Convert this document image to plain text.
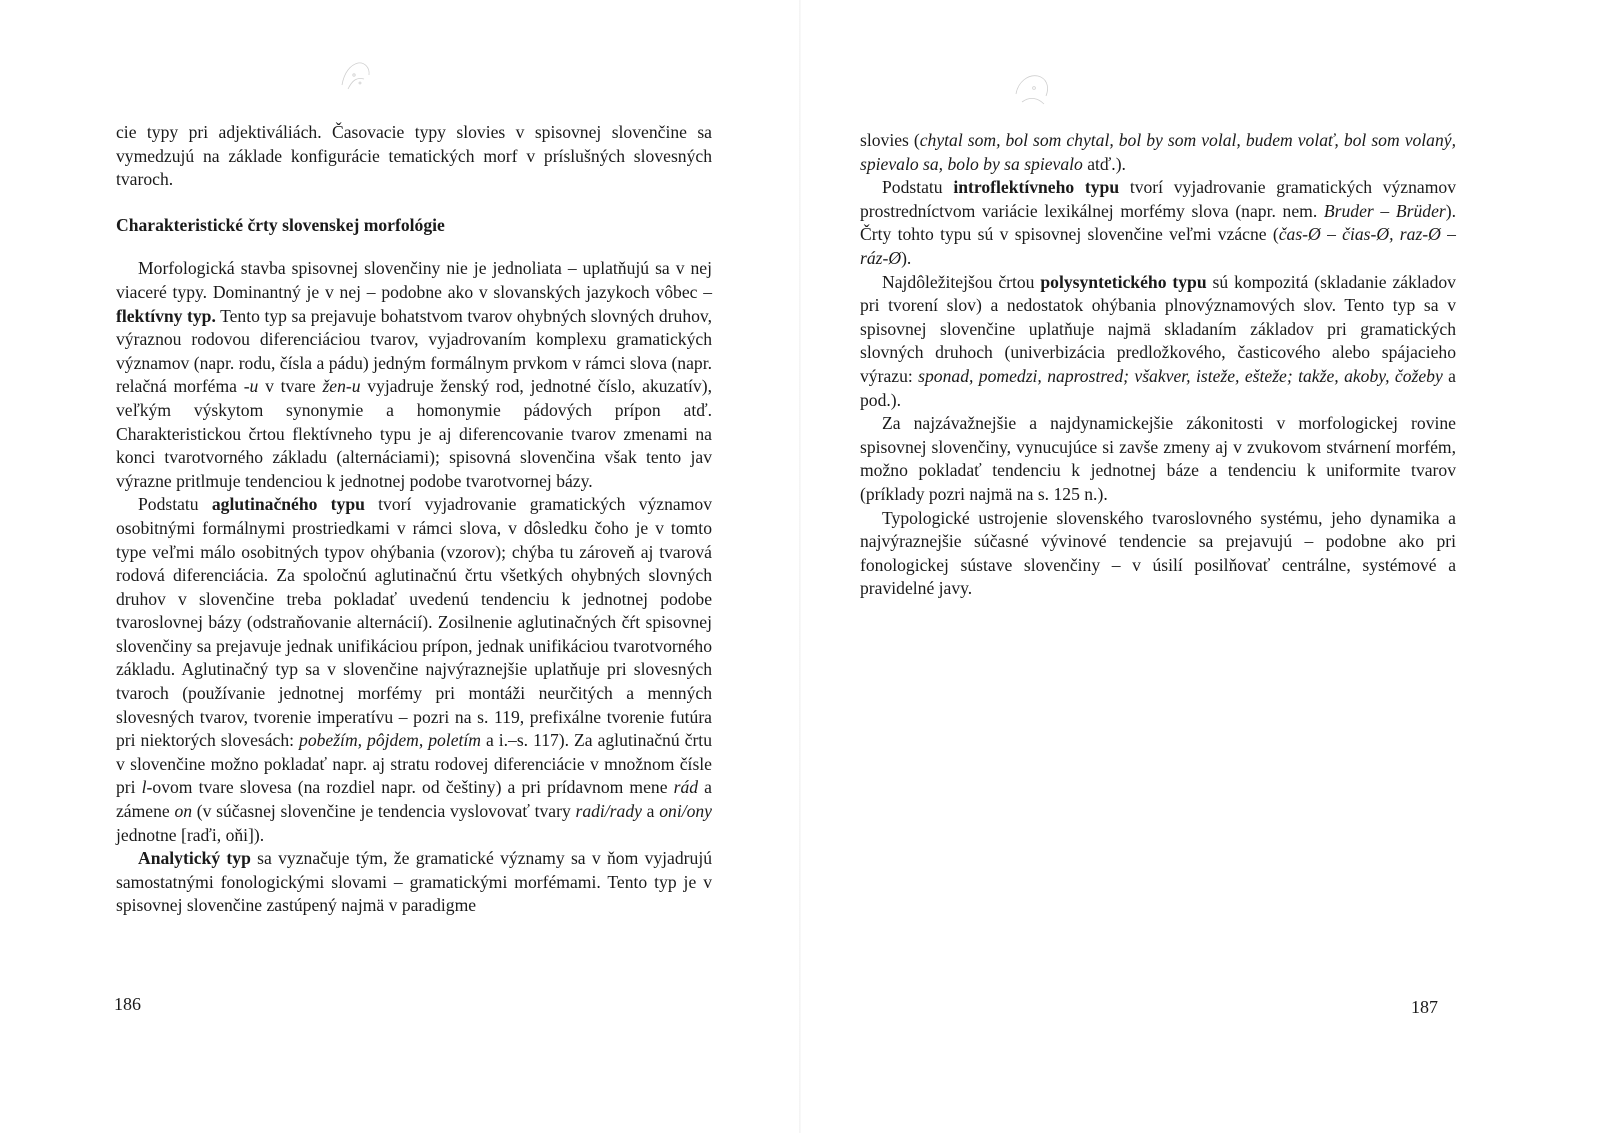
cie typy pri adjektiváliách. Časovacie typy slovies v spisovnej slovenčine sa vymedzujú na základe konfigurácie tematických morf v príslušných slovesných tvaroch.

Charakteristické črty slovenskej morfológie

Morfologická stavba spisovnej slovenčiny nie je jednoliata – uplatňujú sa v nej viaceré typy. Dominantný je v nej – podobne ako v slovanských jazykoch vôbec – flektívny typ. Tento typ sa prejavuje bohatstvom tvarov ohybných slovných druhov, výraznou rodovou diferenciáciou tvarov, vyjadrovaním komplexu gramatických významov (napr. rodu, čísla a pádu) jedným formálnym prvkom v rámci slova (napr. relačná morféma -u v tvare žen-u vyjadruje ženský rod, jednotné číslo, akuzatív), veľkým výskytom synonymie a homonymie pádových prípon atď. Charakteristickou črtou flektívneho typu je aj diferencovanie tvarov zmenami na konci tvarotvorného základu (alternáciami); spisovná slovenčina však tento jav výrazne pritlmuje tendenciou k jednotnej podobe tvarotvornej bázy.

Podstatu aglutinačného typu tvorí vyjadrovanie gramatických významov osobitnými formálnymi prostriedkami v rámci slova, v dôsledku čoho je v tomto type veľmi málo osobitných typov ohýbania (vzorov); chýba tu zároveň aj tvarová rodová diferenciácia. Za spoločnú aglutinačnú črtu všetkých ohybných slovných druhov v slovenčine treba pokladať uvedenú tendenciu k jednotnej podobe tvaroslovnej bázy (odstraňovanie alternácií). Zosilnenie aglutinačných čŕt spisovnej slovenčiny sa prejavuje jednak unifikáciou prípon, jednak unifikáciou tvarotvorného základu. Aglutinačný typ sa v slovenčine najvýraznejšie uplatňuje pri slovesných tvaroch (používanie jednotnej morfémy pri montáži neurčitých a menných slovesných tvarov, tvorenie imperatívu – pozri na s. 119, prefixálne tvorenie futúra pri niektorých slovesách: pobežím, pôjdem, poletím a i.–s. 117). Za aglutinačnú črtu v slovenčine možno pokladať napr. aj stratu rodovej diferenciácie v množnom čísle pri l-ovom tvare slovesa (na rozdiel napr. od češtiny) a pri prídavnom mene rád a zámene on (v súčasnej slovenčine je tendencia vyslovovať tvary radi/rady a oni/ony jednotne [raďi, oňi]).

Analytický typ sa vyznačuje tým, že gramatické významy sa v ňom vyjadrujú samostatnými fonologickými slovami – gramatickými morfémami. Tento typ je v spisovnej slovenčine zastúpený najmä v paradigme

186

slovies (chytal som, bol som chytal, bol by som volal, budem volať, bol som volaný, spievalo sa, bolo by sa spievalo atď.).

Podstatu introflektívneho typu tvorí vyjadrovanie gramatických významov prostredníctvom variácie lexikálnej morfémy slova (napr. nem. Bruder – Brüder). Črty tohto typu sú v spisovnej slovenčine veľmi vzácne (čas-Ø – čias-Ø, raz-Ø – ráz-Ø).

Najdôležitejšou črtou polysyntetického typu sú kompozitá (skladanie základov pri tvorení slov) a nedostatok ohýbania plnovýznamových slov. Tento typ sa v spisovnej slovenčine uplatňuje najmä skladaním základov pri gramatických slovných druhoch (univerbizácia predložkového, časticového alebo spájacieho výrazu: sponad, pomedzi, naprostred; všakver, isteže, ešteže; takže, akoby, čožeby a pod.).

Za najzávažnejšie a najdynamickejšie zákonitosti v morfologickej rovine spisovnej slovenčiny, vynucujúce si zavše zmeny aj v zvukovom stvárnení morfém, možno pokladať tendenciu k jednotnej báze a tendenciu k uniformite tvarov (príklady pozri najmä na s. 125 n.).

Typologické ustrojenie slovenského tvaroslovného systému, jeho dynamika a najvýraznejšie súčasné vývinové tendencie sa prejavujú – podobne ako pri fonologickej sústave slovenčiny – v úsilí posilňovať centrálne, systémové a pravidelné javy.

187
